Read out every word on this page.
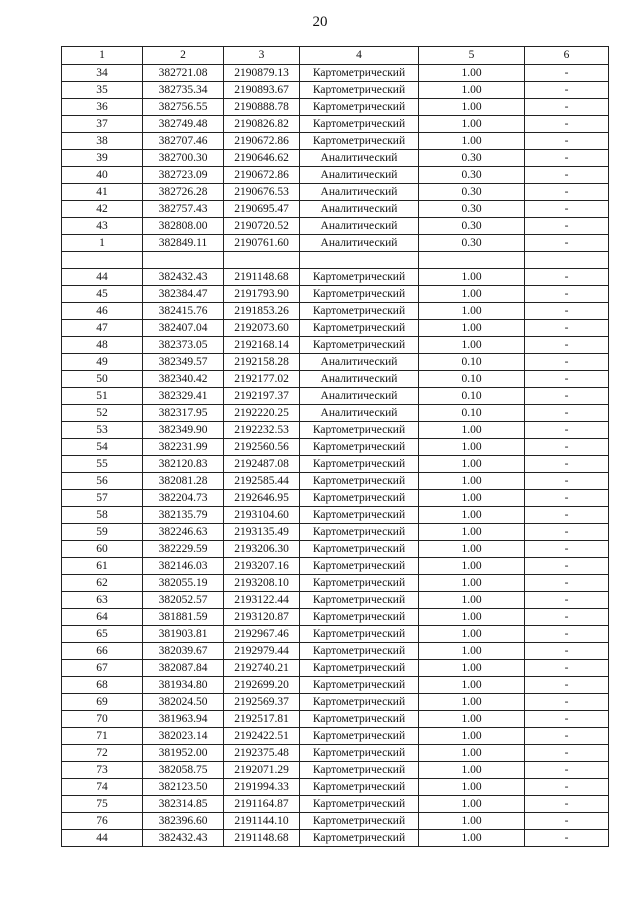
20
1	2	3	4	5	6
34	382721.08	2190879.13	Картометрический	1.00	-
35	382735.34	2190893.67	Картометрический	1.00	-
36	382756.55	2190888.78	Картометрический	1.00	-
37	382749.48	2190826.82	Картометрический	1.00	-
38	382707.46	2190672.86	Картометрический	1.00	-
39	382700.30	2190646.62	Аналитический	0.30	-
40	382723.09	2190672.86	Аналитический	0.30	-
41	382726.28	2190676.53	Аналитический	0.30	-
42	382757.43	2190695.47	Аналитический	0.30	-
43	382808.00	2190720.52	Аналитический	0.30	-
1	382849.11	2190761.60	Аналитический	0.30	-

44	382432.43	2191148.68	Картометрический	1.00	-
45	382384.47	2191793.90	Картометрический	1.00	-
46	382415.76	2191853.26	Картометрический	1.00	-
47	382407.04	2192073.60	Картометрический	1.00	-
48	382373.05	2192168.14	Картометрический	1.00	-
49	382349.57	2192158.28	Аналитический	0.10	-
50	382340.42	2192177.02	Аналитический	0.10	-
51	382329.41	2192197.37	Аналитический	0.10	-
52	382317.95	2192220.25	Аналитический	0.10	-
53	382349.90	2192232.53	Картометрический	1.00	-
54	382231.99	2192560.56	Картометрический	1.00	-
55	382120.83	2192487.08	Картометрический	1.00	-
56	382081.28	2192585.44	Картометрический	1.00	-
57	382204.73	2192646.95	Картометрический	1.00	-
58	382135.79	2193104.60	Картометрический	1.00	-
59	382246.63	2193135.49	Картометрический	1.00	-
60	382229.59	2193206.30	Картометрический	1.00	-
61	382146.03	2193207.16	Картометрический	1.00	-
62	382055.19	2193208.10	Картометрический	1.00	-
63	382052.57	2193122.44	Картометрический	1.00	-
64	381881.59	2193120.87	Картометрический	1.00	-
65	381903.81	2192967.46	Картометрический	1.00	-
66	382039.67	2192979.44	Картометрический	1.00	-
67	382087.84	2192740.21	Картометрический	1.00	-
68	381934.80	2192699.20	Картометрический	1.00	-
69	382024.50	2192569.37	Картометрический	1.00	-
70	381963.94	2192517.81	Картометрический	1.00	-
71	382023.14	2192422.51	Картометрический	1.00	-
72	381952.00	2192375.48	Картометрический	1.00	-
73	382058.75	2192071.29	Картометрический	1.00	-
74	382123.50	2191994.33	Картометрический	1.00	-
75	382314.85	2191164.87	Картометрический	1.00	-
76	382396.60	2191144.10	Картометрический	1.00	-
44	382432.43	2191148.68	Картометрический	1.00	-
